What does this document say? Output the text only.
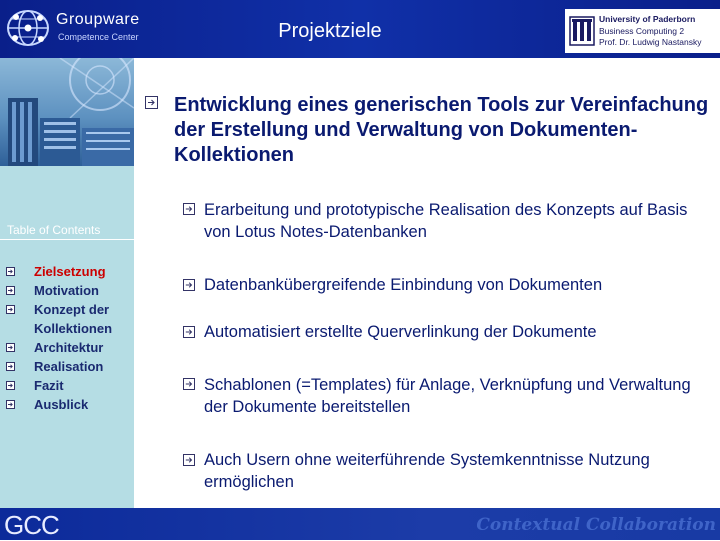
Groupware
Competence Center	Projektziele
University of Paderborn
Business Computing 2
Prof. Dr. Ludwig Nastansky
Table of Contents
Zielsetzung
Motivation
Konzept der Kollektionen
Architektur
Realisation
Fazit
Ausblick
Entwicklung eines generischen Tools zur Vereinfachung der Erstellung und Verwaltung von Dokumenten-Kollektionen
Erarbeitung und prototypische Realisation des Konzepts auf Basis von Lotus Notes-Datenbanken
Datenbankübergreifende Einbindung von Dokumenten
Automatisiert erstellte Querverlinkung der Dokumente
Schablonen (=Templates) für Anlage, Verknüpfung und Verwaltung der Dokumente bereitstellen
Auch Usern ohne weiterführende Systemkenntnisse Nutzung ermöglichen
GCC	Contextual Collaboration
